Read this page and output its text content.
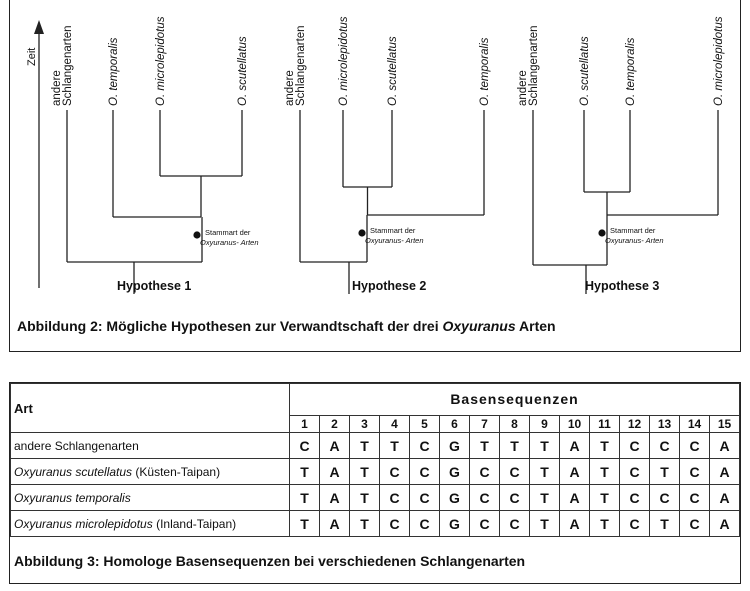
Zeit
Stammart der
Oxyuranus- Arten
Hypothese 1
andere Schlangenarten	O. temporalis	O. microlepidotus	O. scutellatus
Stammart der
Oxyuranus- Arten
Hypothese 2
andere Schlangenarten	O. microlepidotus	O. scutellatus	O. temporalis
Stammart der
Oxyuranus- Arten
Hypothese 3
andere Schlangenarten	O. scutellatus	O. temporalis	O. microlepidotus
Abbildung 2: Mögliche Hypothesen zur Verwandtschaft der drei Oxyuranus Arten
Art	Basensequenzen														
	1	2	3	4	5	6	7	8	9	10	11	12	13	14	15
andere Schlangenarten	C	A	T	T	C	G	T	T	T	A	T	C	C	C	A
Oxyuranus scutellatus (Küsten-Taipan)	T	A	T	C	C	G	C	C	T	A	T	C	T	C	A
Oxyuranus temporalis	T	A	T	C	C	G	C	C	T	A	T	C	C	C	A
Oxyuranus microlepidotus (Inland-Taipan)	T	A	T	C	C	G	C	C	T	A	T	C	T	C	A
Abbildung 3: Homologe Basensequenzen bei verschiedenen Schlangenarten
